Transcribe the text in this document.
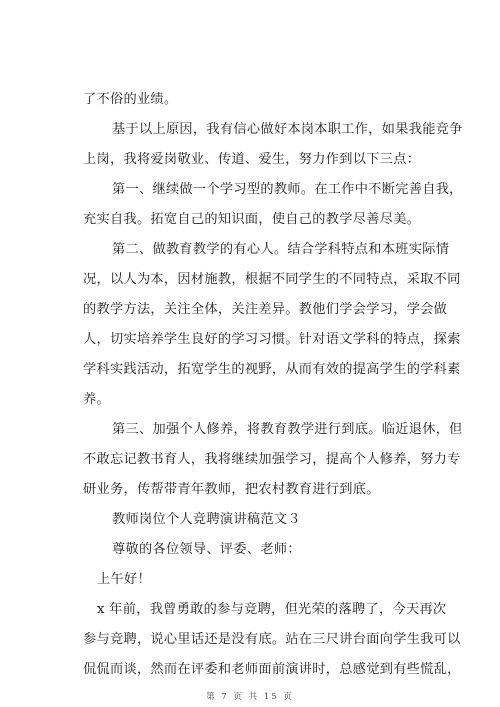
了不俗的业绩。
基于以上原因，我有信心做好本岗本职工作，如果我能竞争
上岗，我将爱岗敬业、传道、爱生，努力作到以下三点：
第一、继续做一个学习型的教师。在工作中不断完善自我，
充实自我。拓宽自己的知识面，使自己的教学尽善尽美。
第二、做教育教学的有心人。结合学科特点和本班实际情
况，以人为本，因材施教，根据不同学生的不同特点，采取不同
的教学方法，关注全体，关注差异。教他们学会学习，学会做
人，切实培养学生良好的学习习惯。针对语文学科的特点，探索
学科实践活动，拓宽学生的视野，从而有效的提高学生的学科素
养。
第三、加强个人修养，将教育教学进行到底。临近退休，但
不敢忘记教书育人，我将继续加强学习，提高个人修养，努力专
研业务，传帮带青年教师，把农村教育进行到底。
教师岗位个人竞聘演讲稿范文３
尊敬的各位领导、评委、老师：
上午好！
x 年前，我曾勇敢的参与竞聘，但光荣的落聘了，今天再次
参与竞聘，说心里话还是没有底。站在三尺讲台面向学生我可以
侃侃而谈，然而在评委和老师面前演讲时，总感觉到有些慌乱，
第 7 页 共 15 页
